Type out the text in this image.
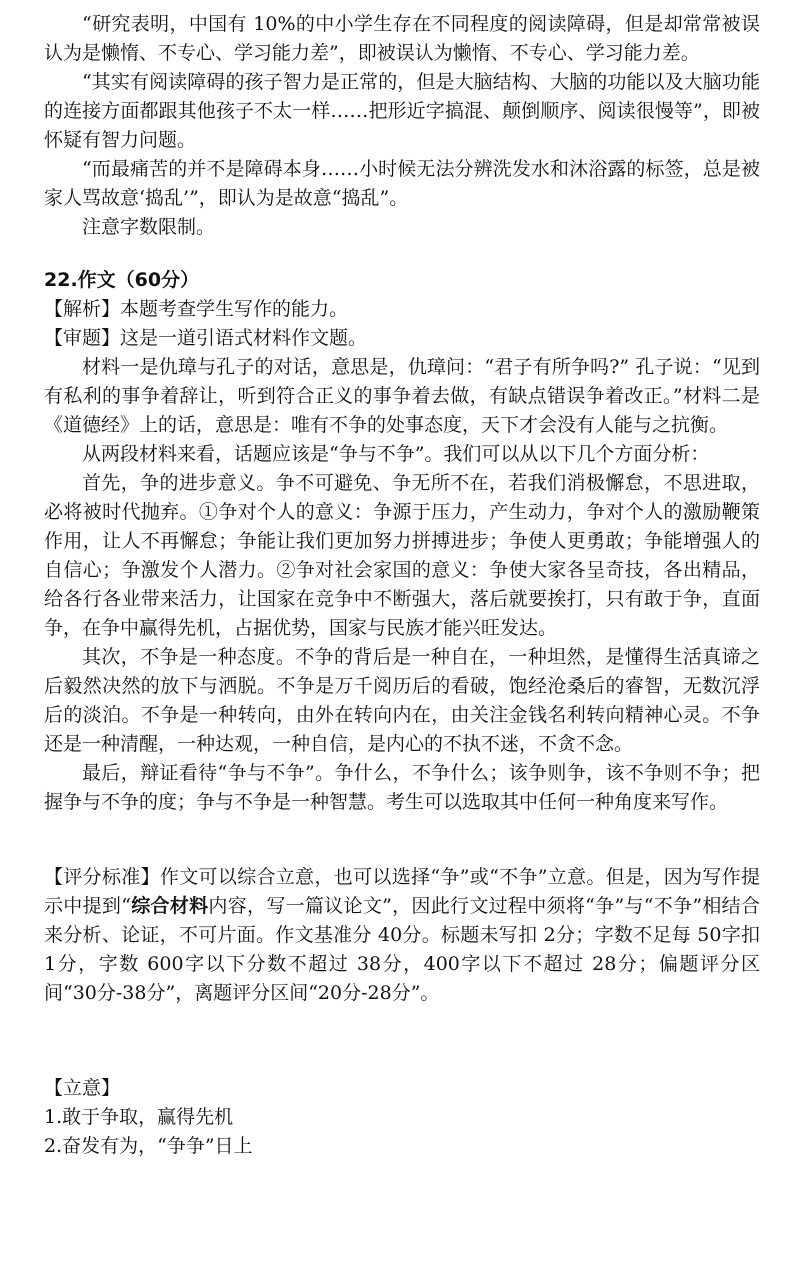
“研究表明，中国有 10%的中小学生存在不同程度的阅读障碍，但是却常常被误认为是懒惰、不专心、学习能力差”，即被误认为懒惰、不专心、学习能力差。

“其实有阅读障碍的孩子智力是正常的，但是大脑结构、大脑的功能以及大脑功能的连接方面都跟其他孩子不太一样……把形近字搞混、颠倒顺序、阅读很慢等”，即被怀疑有智力问题。

“而最痛苦的并不是障碍本身……小时候无法分辨洗发水和沐浴露的标签，总是被家人骂故意‘捣乱’”，即认为是故意“捣乱”。

注意字数限制。

22.作文（60分）

【解析】本题考查学生写作的能力。

【审题】这是一道引语式材料作文题。

材料一是仇璋与孔子的对话，意思是，仇璋问：“君子有所争吗?” 孔子说：“见到有私利的事争着辞让，听到符合正义的事争着去做，有缺点错误争着改正。”材料二是《道德经》上的话，意思是：唯有不争的处事态度，天下才会没有人能与之抗衡。

从两段材料来看，话题应该是“争与不争”。我们可以从以下几个方面分析：

首先，争的进步意义。争不可避免、争无所不在，若我们消极懈怠，不思进取，必将被时代抛弃。①争对个人的意义：争源于压力，产生动力，争对个人的激励鞭策作用，让人不再懈怠；争能让我们更加努力拼搏进步；争使人更勇敢；争能增强人的自信心；争激发个人潜力。②争对社会家国的意义：争使大家各呈奇技，各出精品，给各行各业带来活力，让国家在竞争中不断强大，落后就要挨打，只有敢于争，直面争，在争中赢得先机，占据优势，国家与民族才能兴旺发达。

其次，不争是一种态度。不争的背后是一种自在，一种坦然，是懂得生活真谛之后毅然决然的放下与洒脱。不争是万千阅历后的看破，饱经沧桑后的睿智，无数沉浮后的淡泊。不争是一种转向，由外在转向内在，由关注金钱名利转向精神心灵。不争还是一种清醒，一种达观，一种自信，是内心的不执不迷，不贪不念。

最后，辩证看待“争与不争”。争什么，不争什么；该争则争，该不争则不争；把握争与不争的度；争与不争是一种智慧。考生可以选取其中任何一种角度来写作。

【评分标准】作文可以综合立意，也可以选择“争”或“不争”立意。但是，因为写作提示中提到“综合材料内容，写一篇议论文”，因此行文过程中须将“争”与“不争”相结合来分析、论证，不可片面。作文基准分 40分。标题未写扣 2分；字数不足每 50字扣 1分，字数 600字以下分数不超过 38分，400字以下不超过 28分；偏题评分区间“30分-38分”，离题评分区间“20分-28分”。

【立意】

1.敢于争取，赢得先机

2.奋发有为，“争争”日上
